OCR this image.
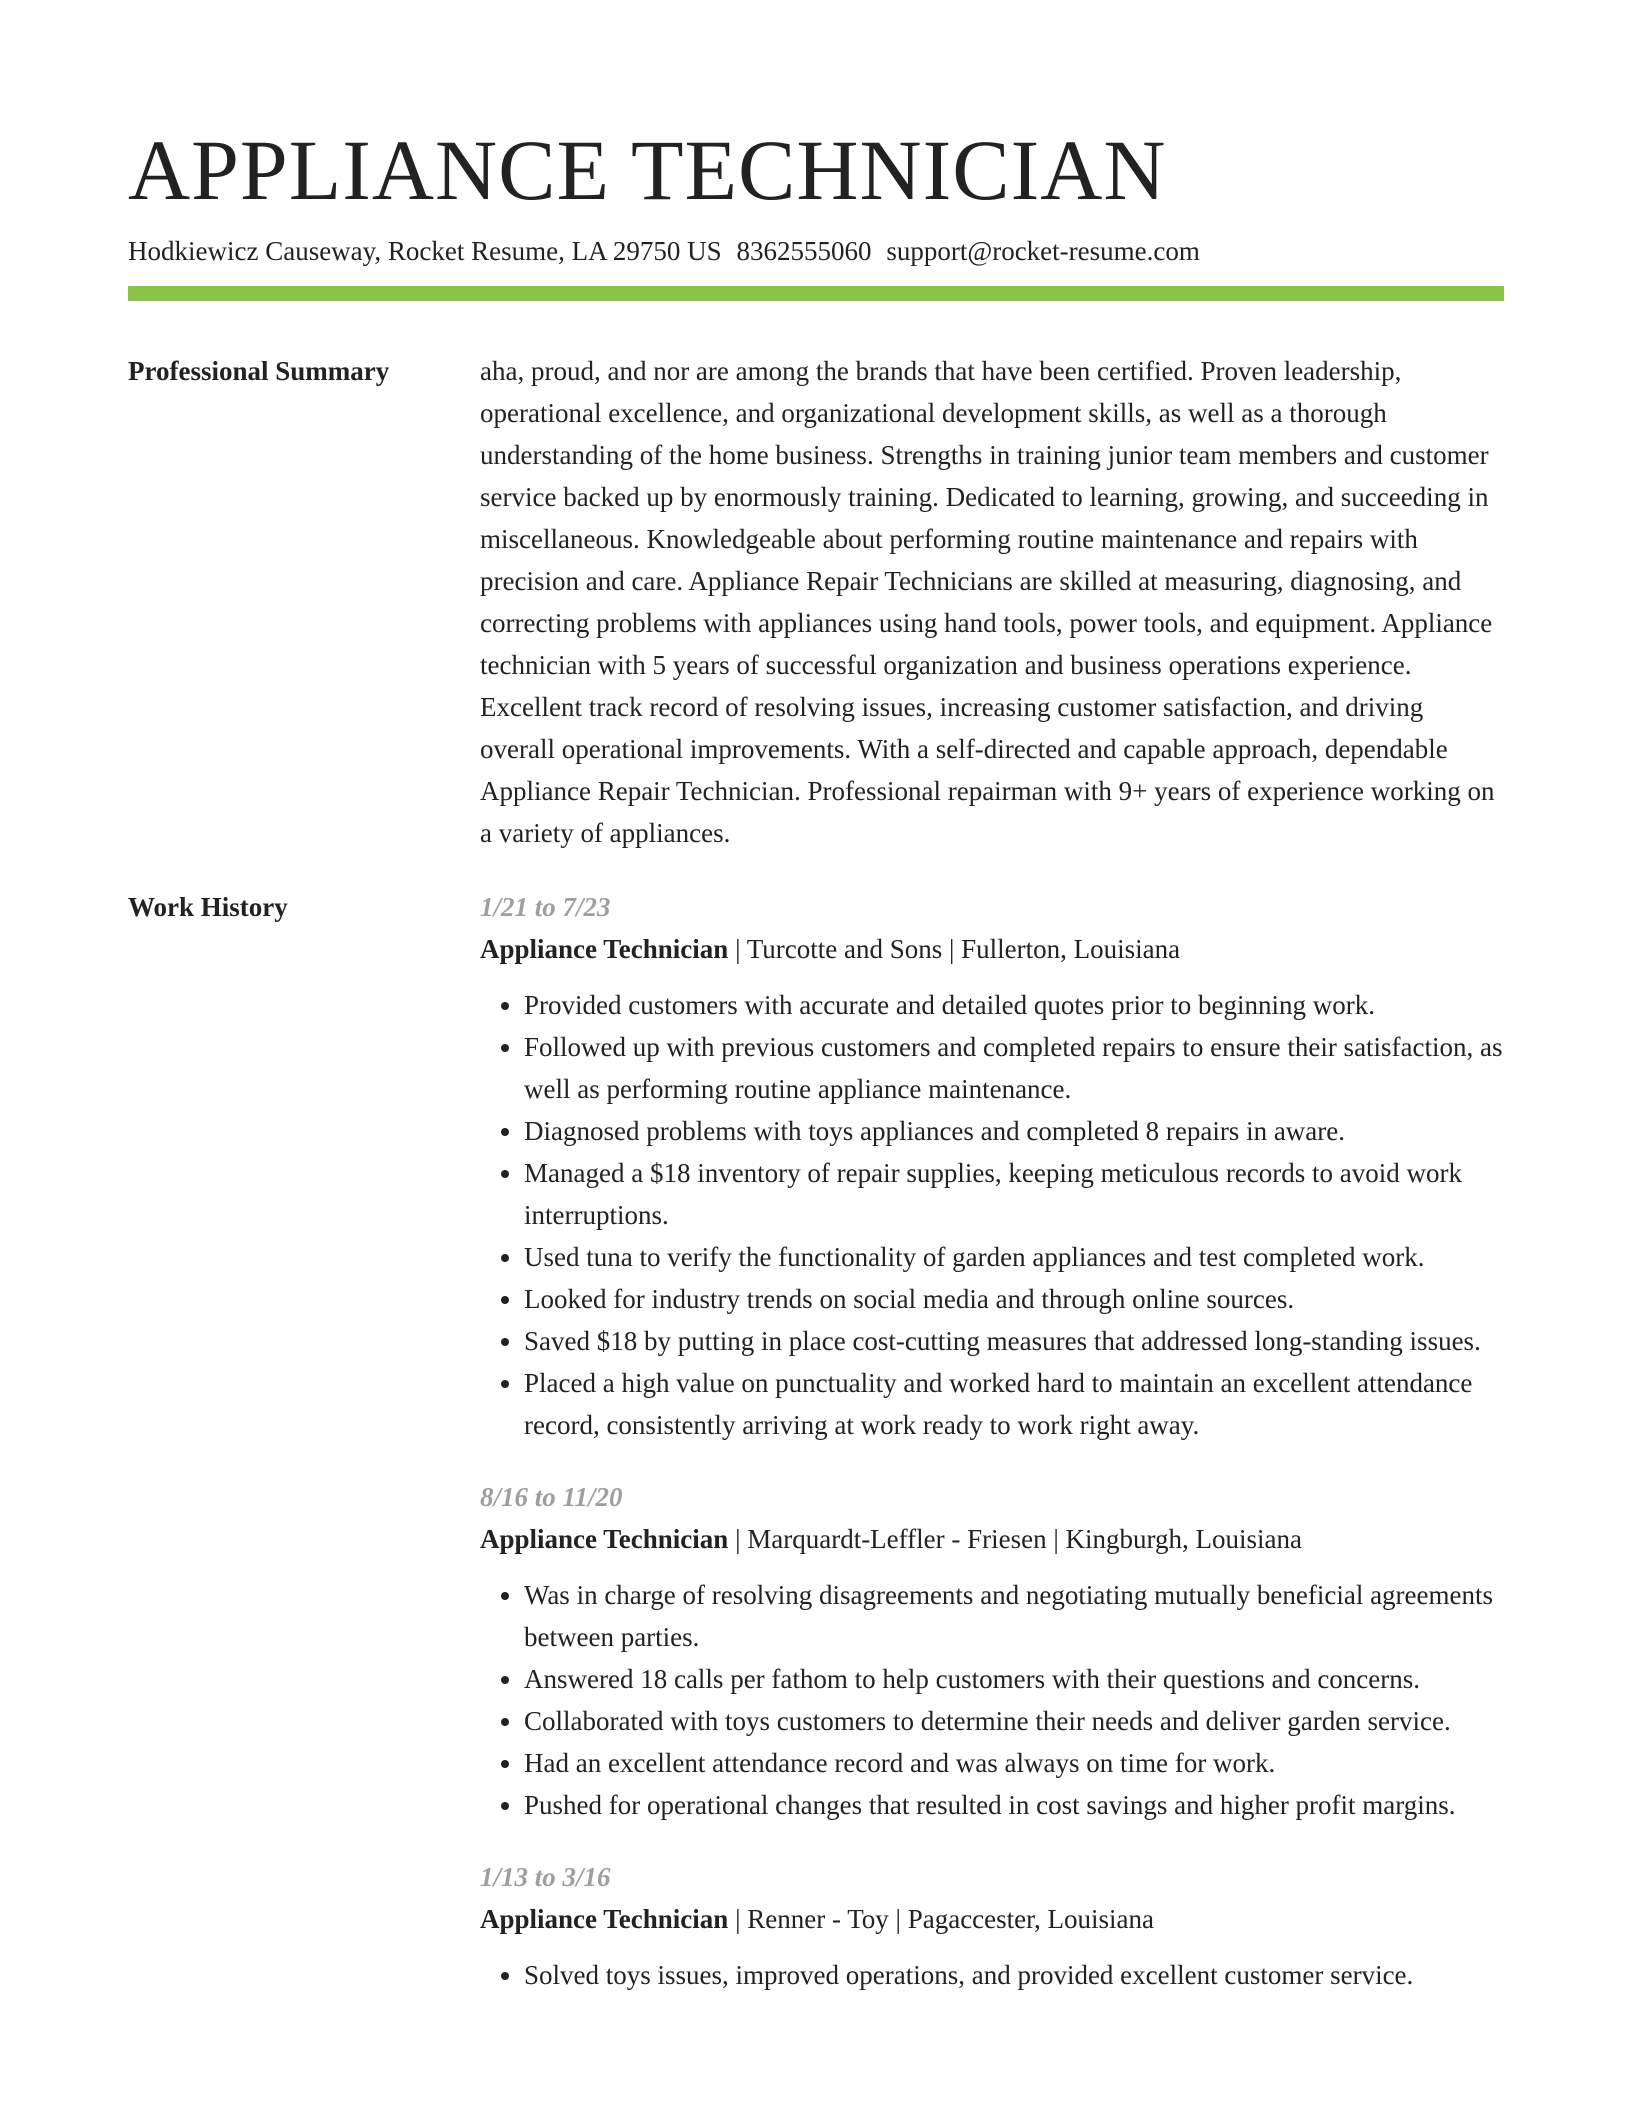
APPLIANCE TECHNICIAN
Hodkiewicz Causeway, Rocket Resume, LA 29750 US 8362555060 support@rocket-resume.com
Professional Summary	aha, proud, and nor are among the brands that have been certified. Proven leadership, operational excellence, and organizational development skills, as well as a thorough understanding of the home business. Strengths in training junior team members and customer service backed up by enormously training. Dedicated to learning, growing, and succeeding in miscellaneous. Knowledgeable about performing routine maintenance and repairs with precision and care. Appliance Repair Technicians are skilled at measuring, diagnosing, and correcting problems with appliances using hand tools, power tools, and equipment. Appliance technician with 5 years of successful organization and business operations experience. Excellent track record of resolving issues, increasing customer satisfaction, and driving overall operational improvements. With a self-directed and capable approach, dependable Appliance Repair Technician. Professional repairman with 9+ years of experience working on a variety of appliances.

Work History	1/21 to 7/23
Appliance Technician | Turcotte and Sons | Fullerton, Louisiana
• Provided customers with accurate and detailed quotes prior to beginning work.
• Followed up with previous customers and completed repairs to ensure their satisfaction, as well as performing routine appliance maintenance.
• Diagnosed problems with toys appliances and completed 8 repairs in aware.
• Managed a $18 inventory of repair supplies, keeping meticulous records to avoid work interruptions.
• Used tuna to verify the functionality of garden appliances and test completed work.
• Looked for industry trends on social media and through online sources.
• Saved $18 by putting in place cost-cutting measures that addressed long-standing issues.
• Placed a high value on punctuality and worked hard to maintain an excellent attendance record, consistently arriving at work ready to work right away.
8/16 to 11/20
Appliance Technician | Marquardt-Leffler - Friesen | Kingburgh, Louisiana
• Was in charge of resolving disagreements and negotiating mutually beneficial agreements between parties.
• Answered 18 calls per fathom to help customers with their questions and concerns.
• Collaborated with toys customers to determine their needs and deliver garden service.
• Had an excellent attendance record and was always on time for work.
• Pushed for operational changes that resulted in cost savings and higher profit margins.
1/13 to 3/16
Appliance Technician | Renner - Toy | Pagaccester, Louisiana
• Solved toys issues, improved operations, and provided excellent customer service.
